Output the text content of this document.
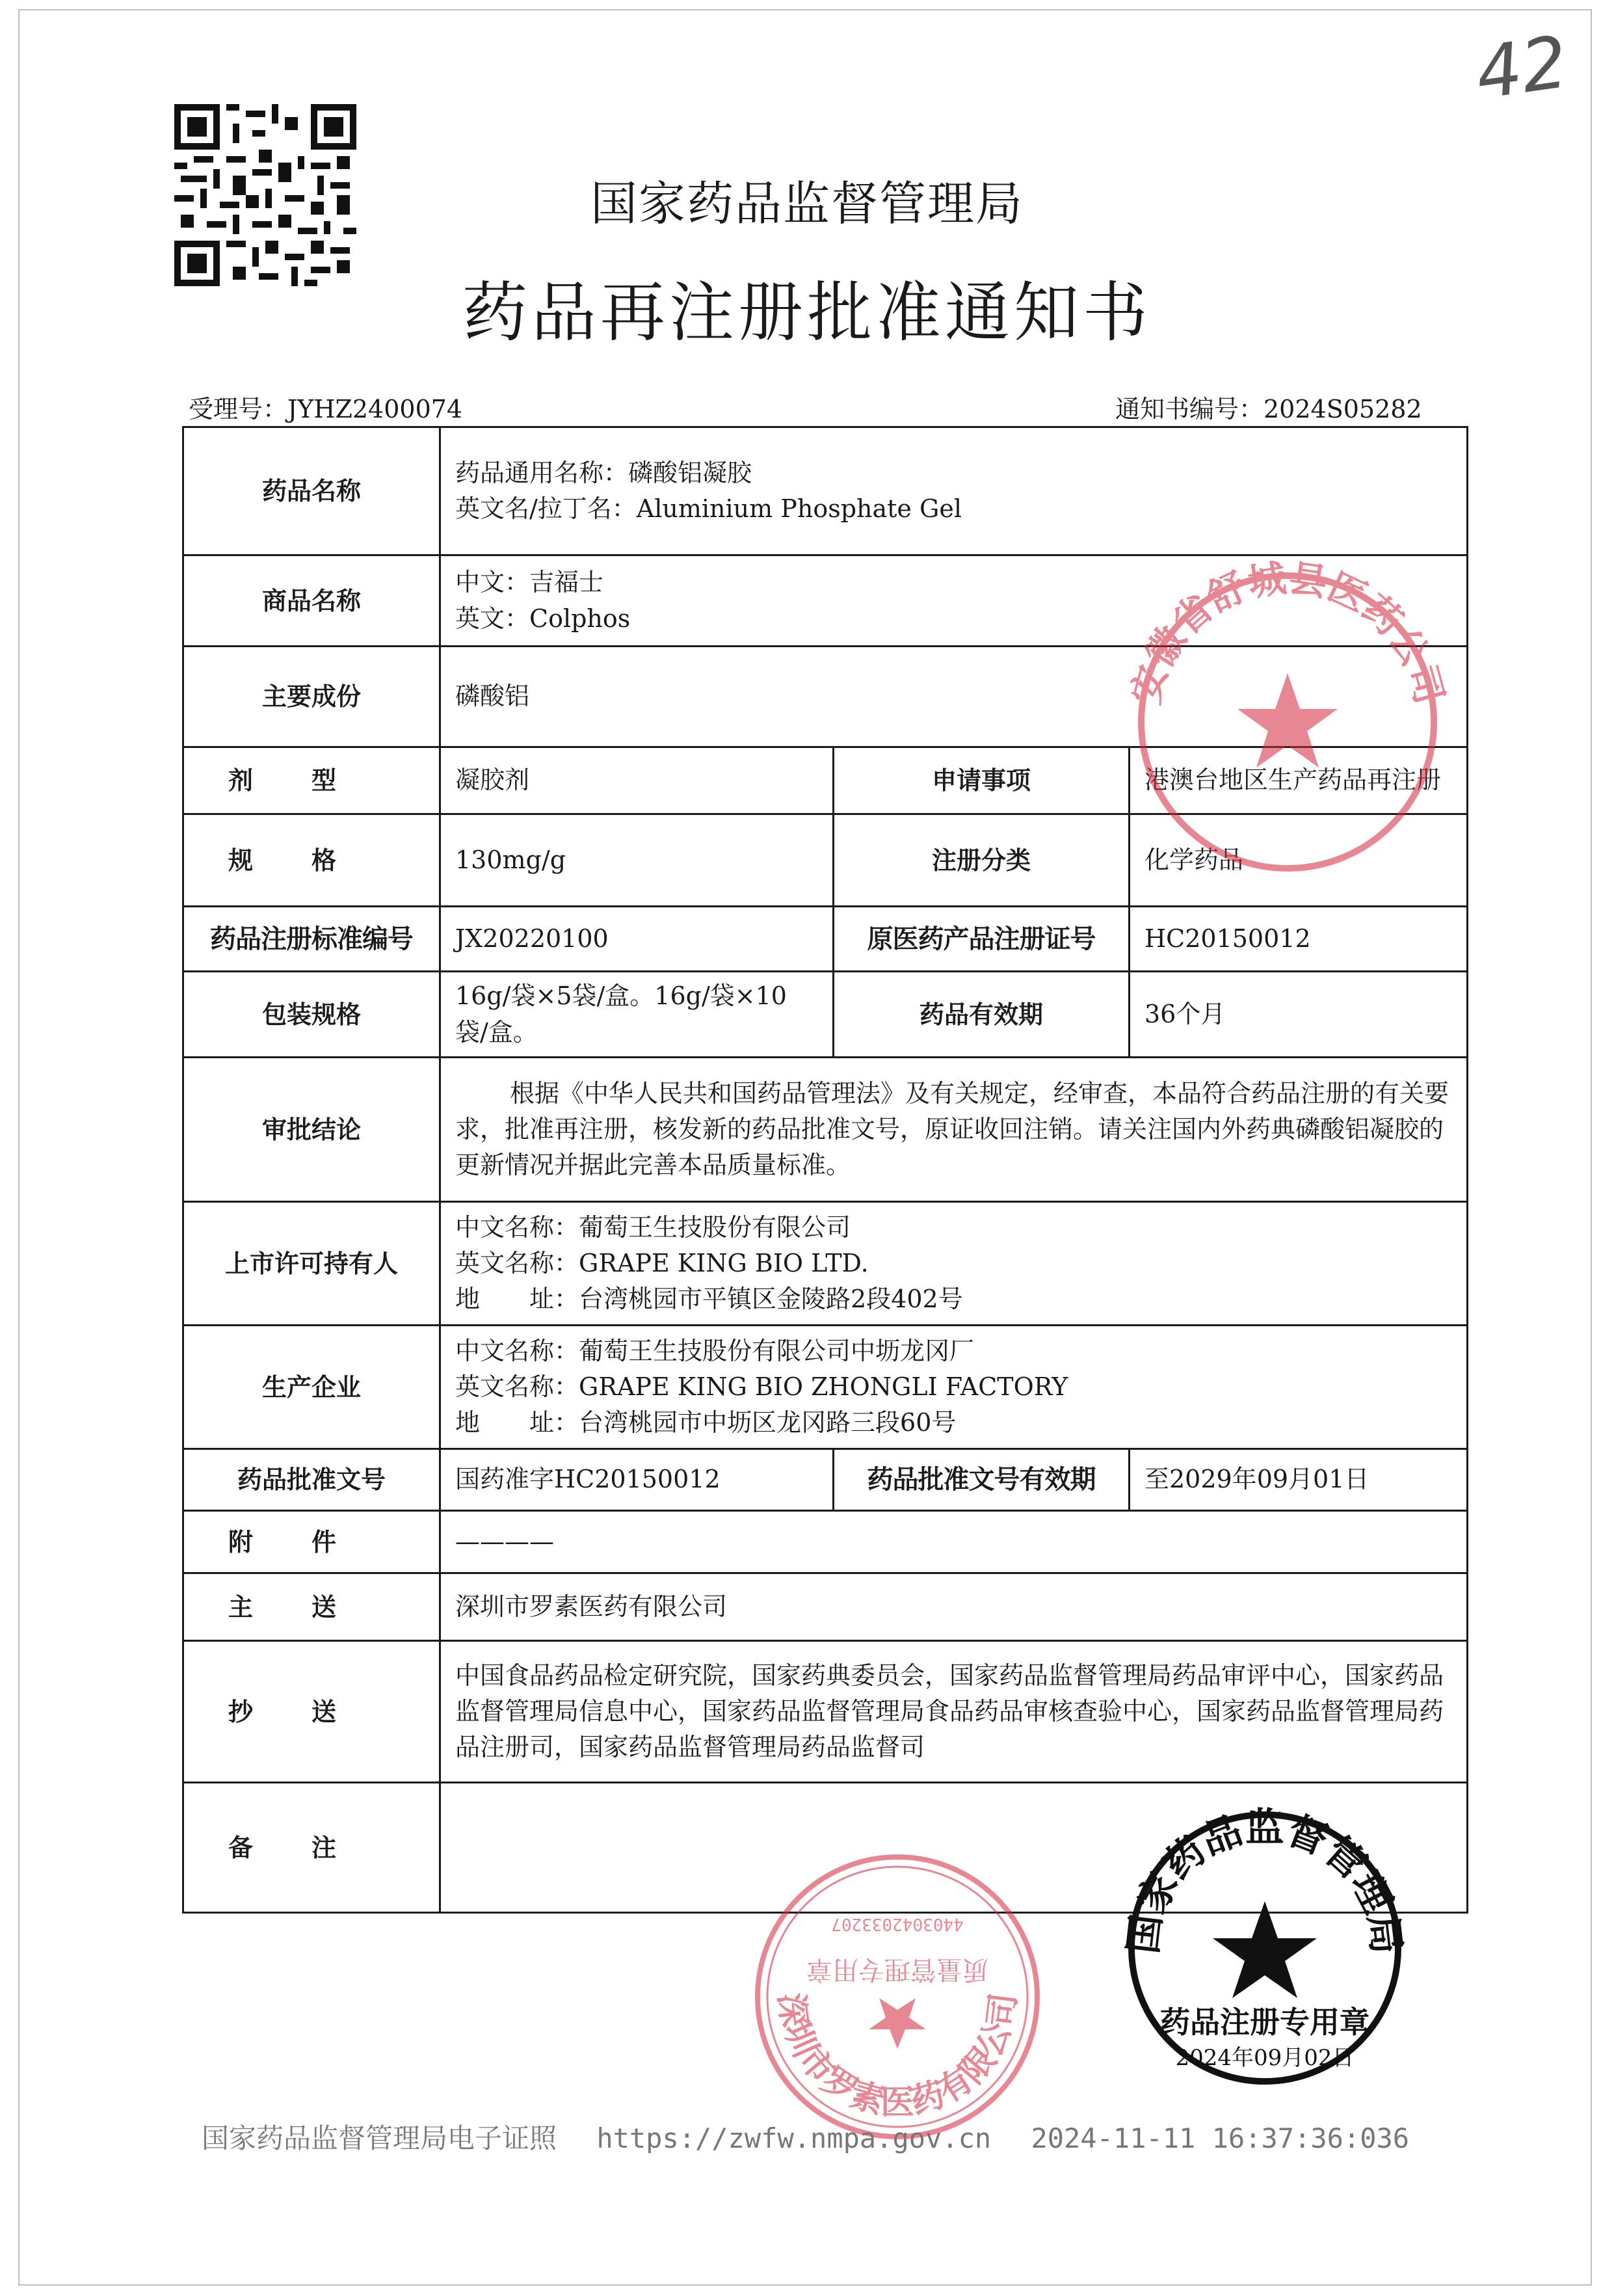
42
国家药品监督管理局
药品再注册批准通知书
受理号：JYHZ2400074	通知书编号：2024S05282
药品名称	药品通用名称：磷酸铝凝胶
英文名/拉丁名：Aluminium Phosphate Gel		

商品名称	中文：吉福士
英文：Colphos		

主要成份	磷酸铝		
剂型	凝胶剂	申请事项	港澳台地区生产药品再注册
规格	130mg/g	注册分类	化学药品
药品注册标准编号	JX20220100	原医药产品注册证号	HC20150012
包装规格	16g/袋×5袋/盒。16g/袋×10袋/盒。	药品有效期	36个月
审批结论	根据《中华人民共和国药品管理法》及有关规定，经审查，本品符合药品注册的有关要求，批准再注册，核发新的药品批准文号，原证收回注销。请关注国内外药典磷酸铝凝胶的更新情况并据此完善本品质量标准。		

上市许可持有人	中文名称：葡萄王生技股份有限公司
英文名称：GRAPE KING BIO LTD.
地　　址：台湾桃园市平镇区金陵路2段402号		

生产企业	中文名称：葡萄王生技股份有限公司中坜龙冈厂
英文名称：GRAPE KING BIO ZHONGLI FACTORY
地　　址：台湾桃园市中坜区龙冈路三段60号		

药品批准文号	国药准字HC20150012	药品批准文号有效期	至2029年09月01日
附件	————		
主送	深圳市罗素医药有限公司		
抄送	中国食品药品检定研究院，国家药典委员会，国家药品监督管理局药品审评中心，国家药品监督管理局信息中心，国家药品监督管理局食品药品审核查验中心，国家药品监督管理局药品注册司，国家药品监督管理局药品监督司		
备注			
安徽省舒城县医药公司
深圳市罗素医药有限公司
4403042033207
质量管理专用章
国家药品监督管理局
药品注册专用章
2024年09月02日
国家药品监督管理局电子证照 https://zwfw.nmpa.gov.cn 2024-11-11 16:37:36:036
